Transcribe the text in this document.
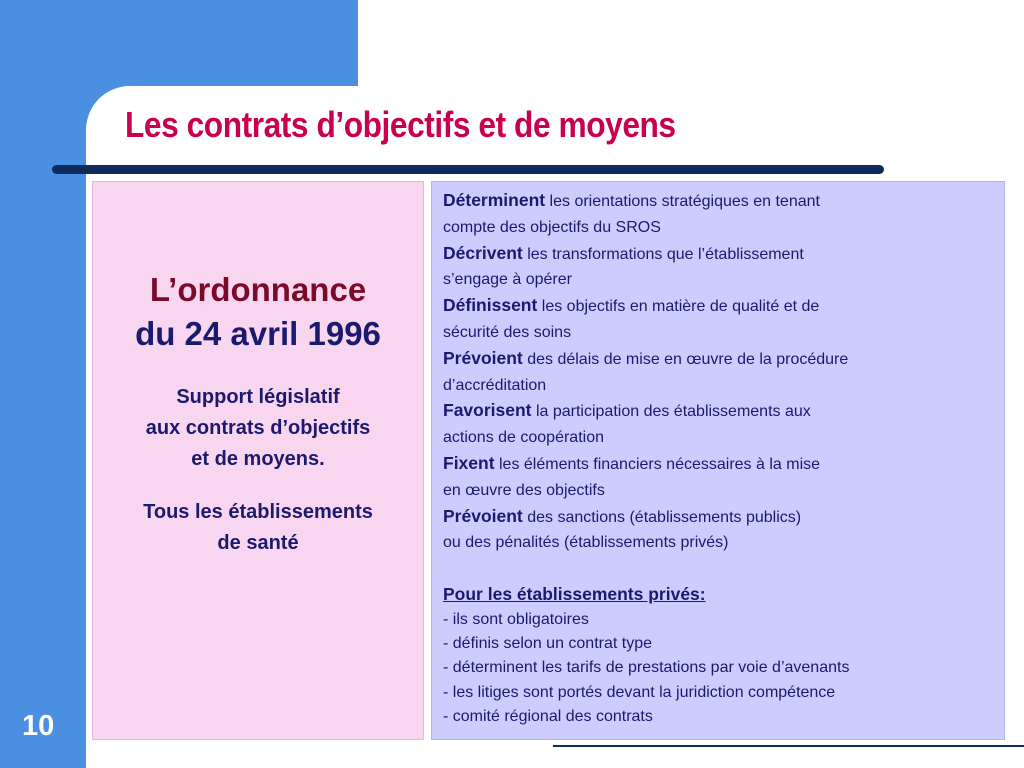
Les contrats d’objectifs et de moyens
L’ordonnance
du 24 avril 1996
Support législatif
aux contrats d’objectifs
et de moyens.
Tous les établissements
de santé
Déterminent les orientations stratégiques en tenant
compte des objectifs du SROS
Décrivent les transformations que l’établissement
s’engage à opérer
Définissent les objectifs en matière de qualité et de
sécurité des soins
Prévoient des délais de mise en œuvre de la procédure
d’accréditation
Favorisent la participation des établissements aux
actions de coopération
Fixent les éléments financiers nécessaires à la mise
en œuvre des objectifs
Prévoient des sanctions (établissements publics)
ou des pénalités (établissements privés)
Pour les établissements privés:
- ils sont obligatoires
- définis selon un contrat type
- déterminent les tarifs de prestations par voie d’avenants
- les litiges sont portés devant la juridiction compétence
- comité régional des contrats
10
